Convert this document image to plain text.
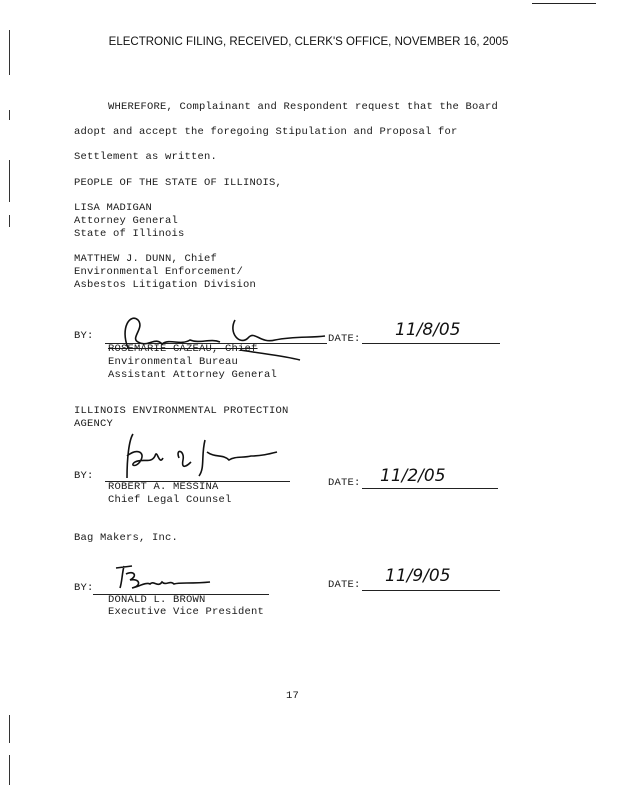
ELECTRONIC FILING, RECEIVED, CLERK'S OFFICE, NOVEMBER 16, 2005
WHEREFORE, Complainant and Respondent request that the Board
adopt and accept the foregoing Stipulation and Proposal for
Settlement as written.
PEOPLE OF THE STATE OF ILLINOIS,
LISA MADIGAN
Attorney General
State of Illinois
MATTHEW J. DUNN, Chief
Environmental Enforcement/
Asbestos Litigation Division
BY:
ROSEMARIE CAZEAU, Chief
Environmental Bureau
Assistant Attorney General
DATE: 11/8/05
ILLINOIS ENVIRONMENTAL PROTECTION
AGENCY
BY:
ROBERT A. MESSINA
Chief Legal Counsel
DATE: 11/2/05
Bag Makers, Inc.
BY:
DONALD L. BROWN
Executive Vice President
DATE: 11/9/05
17
